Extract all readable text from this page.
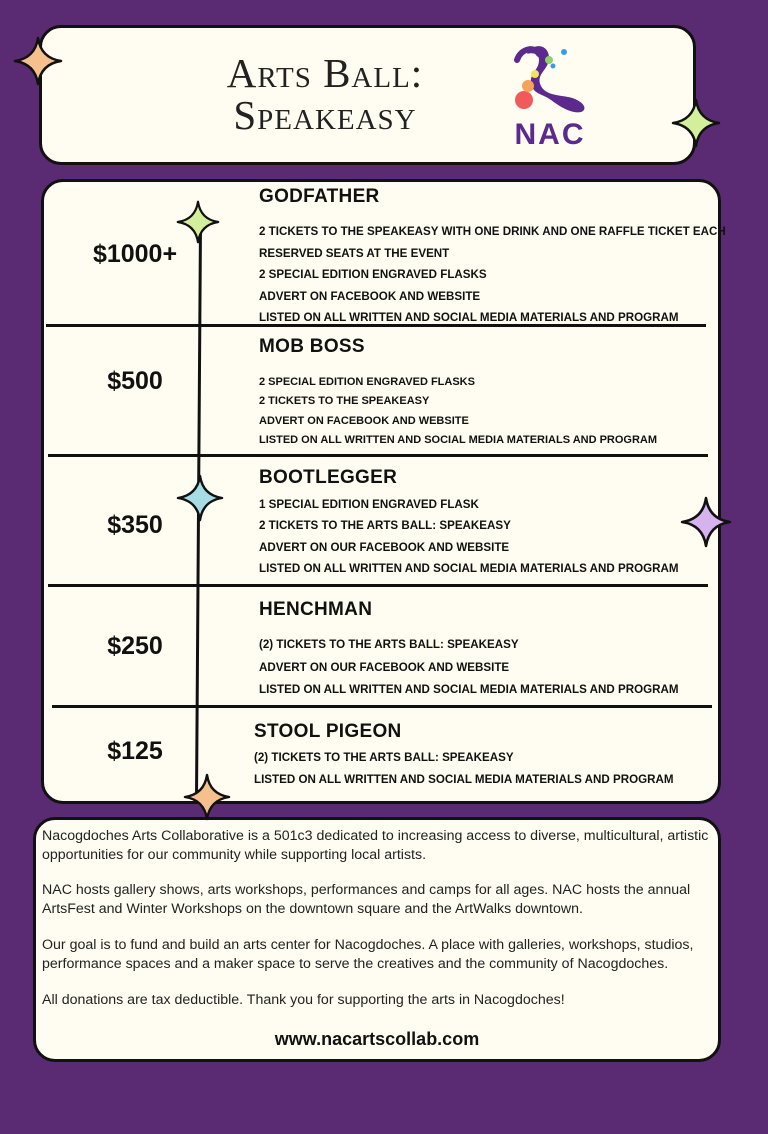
Arts Ball:
Speakeasy	NAC
$1000+
GODFATHER
2 TICKETS TO THE SPEAKEASY WITH ONE DRINK AND ONE RAFFLE TICKET EACH
RESERVED SEATS AT THE EVENT
2 SPECIAL EDITION ENGRAVED FLASKS
ADVERT ON FACEBOOK AND WEBSITE
LISTED ON ALL WRITTEN AND SOCIAL MEDIA MATERIALS AND PROGRAM
$500
MOB BOSS
2 SPECIAL EDITION ENGRAVED FLASKS
2 TICKETS TO THE SPEAKEASY
ADVERT ON FACEBOOK AND WEBSITE
LISTED ON ALL WRITTEN AND SOCIAL MEDIA MATERIALS AND PROGRAM
$350
BOOTLEGGER
1 SPECIAL EDITION ENGRAVED FLASK
2 TICKETS TO THE ARTS BALL: SPEAKEASY
ADVERT ON OUR FACEBOOK AND WEBSITE
LISTED ON ALL WRITTEN AND SOCIAL MEDIA MATERIALS AND PROGRAM
$250
HENCHMAN
(2) TICKETS TO THE ARTS BALL: SPEAKEASY
ADVERT ON OUR FACEBOOK AND WEBSITE
LISTED ON ALL WRITTEN AND SOCIAL MEDIA MATERIALS AND PROGRAM
$125
STOOL PIGEON
(2) TICKETS TO THE ARTS BALL: SPEAKEASY
LISTED ON ALL WRITTEN AND SOCIAL MEDIA MATERIALS AND PROGRAM

Nacogdoches Arts Collaborative is a 501c3 dedicated to increasing access to diverse, multicultural, artistic opportunities for our community while supporting local artists.

NAC hosts gallery shows, arts workshops, performances and camps for all ages. NAC hosts the annual ArtsFest and Winter Workshops on the downtown square and the ArtWalks downtown.

Our goal is to fund and build an arts center for Nacogdoches. A place with galleries, workshops, studios, performance spaces and a maker space to serve the creatives and the community of Nacogdoches.

All donations are tax deductible. Thank you for supporting the arts in Nacogdoches!

www.nacartscollab.com
